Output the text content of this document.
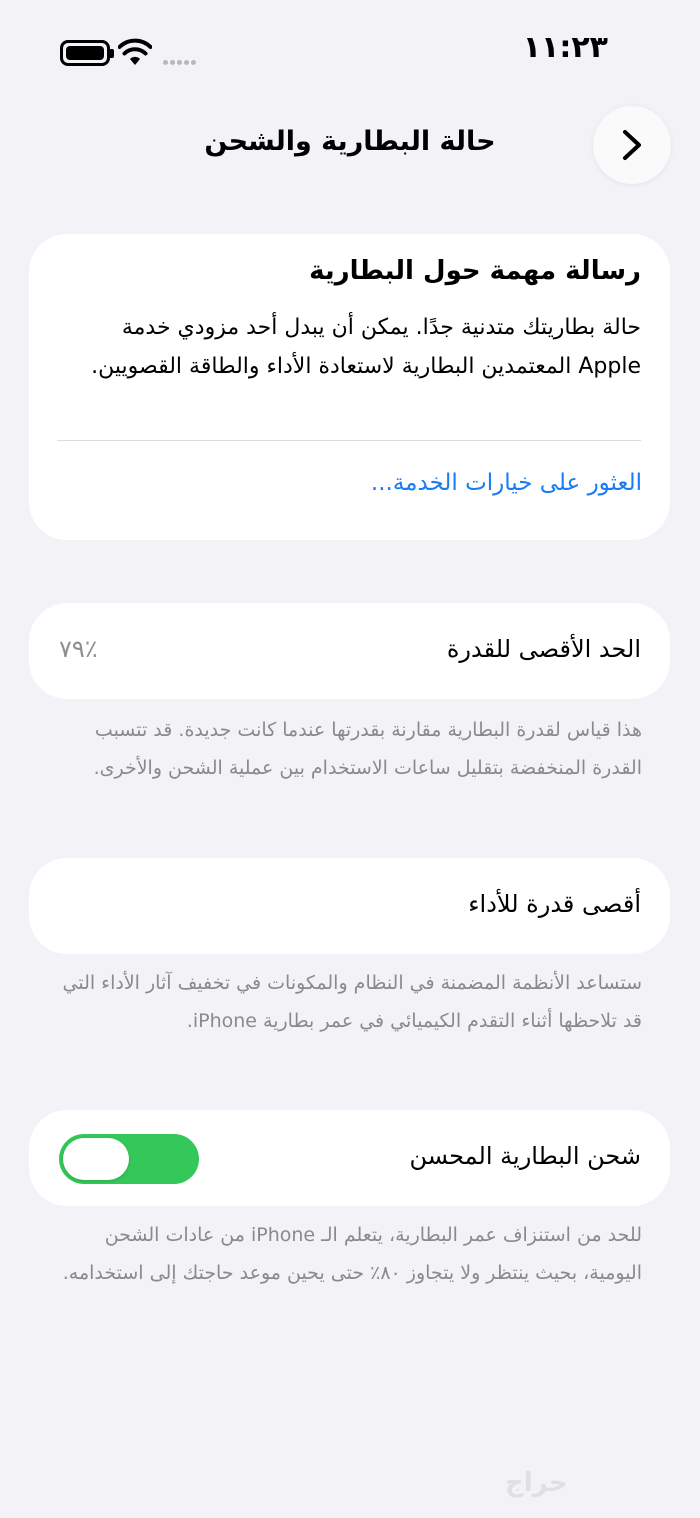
١١:٢٣
حالة البطارية والشحن
رسالة مهمة حول البطارية
حالة بطاريتك متدنية جدًا. يمكن أن يبدل أحد مزودي خدمة Apple المعتمدين البطارية لاستعادة الأداء والطاقة القصويين.
العثور على خيارات الخدمة...
الحد الأقصى للقدرة
٪٧٩
هذا قياس لقدرة البطارية مقارنة بقدرتها عندما كانت جديدة. قد تتسبب القدرة المنخفضة بتقليل ساعات الاستخدام بين عملية الشحن والأخرى.
أقصى قدرة للأداء
ستساعد الأنظمة المضمنة في النظام والمكونات في تخفيف آثار الأداء التي قد تلاحظها أثناء التقدم الكيميائي في عمر بطارية iPhone.
شحن البطارية المحسن
للحد من استنزاف عمر البطارية، يتعلم الـ iPhone من عادات الشحن اليومية، بحيث ينتظر ولا يتجاوز ٨٠٪ حتى يحين موعد حاجتك إلى استخدامه.
حراج
